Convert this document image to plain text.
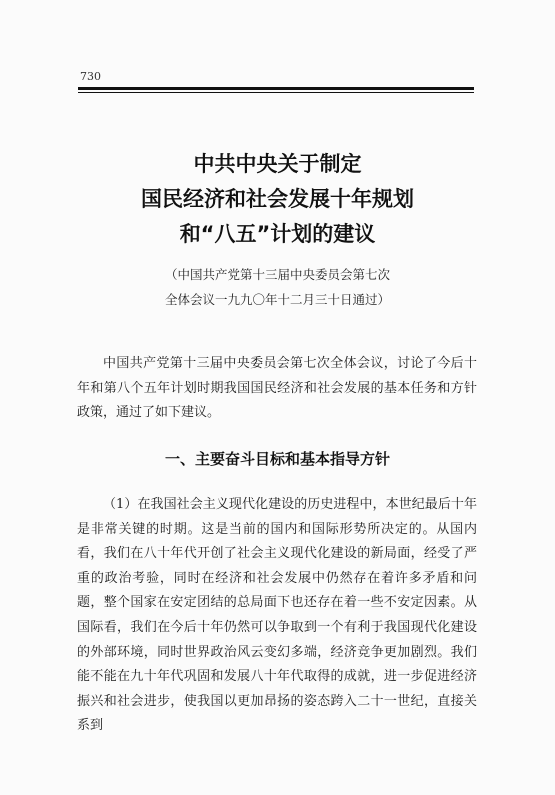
730
中共中央关于制定
国民经济和社会发展十年规划
和“八五”计划的建议
（中国共产党第十三届中央委员会第七次
全体会议一九九〇年十二月三十日通过）
中国共产党第十三届中央委员会第七次全体会议，讨论了今后十年和第八个五年计划时期我国国民经济和社会发展的基本任务和方针政策，通过了如下建议。
一、主要奋斗目标和基本指导方针
（1）在我国社会主义现代化建设的历史进程中，本世纪最后十年是非常关键的时期。这是当前的国内和国际形势所决定的。从国内看，我们在八十年代开创了社会主义现代化建设的新局面，经受了严重的政治考验，同时在经济和社会发展中仍然存在着许多矛盾和问题，整个国家在安定团结的总局面下也还存在着一些不安定因素。从国际看，我们在今后十年仍然可以争取到一个有利于我国现代化建设的外部环境，同时世界政治风云变幻多端，经济竞争更加剧烈。我们能不能在九十年代巩固和发展八十年代取得的成就，进一步促进经济振兴和社会进步，使我国以更加昂扬的姿态跨入二十一世纪，直接关系到
